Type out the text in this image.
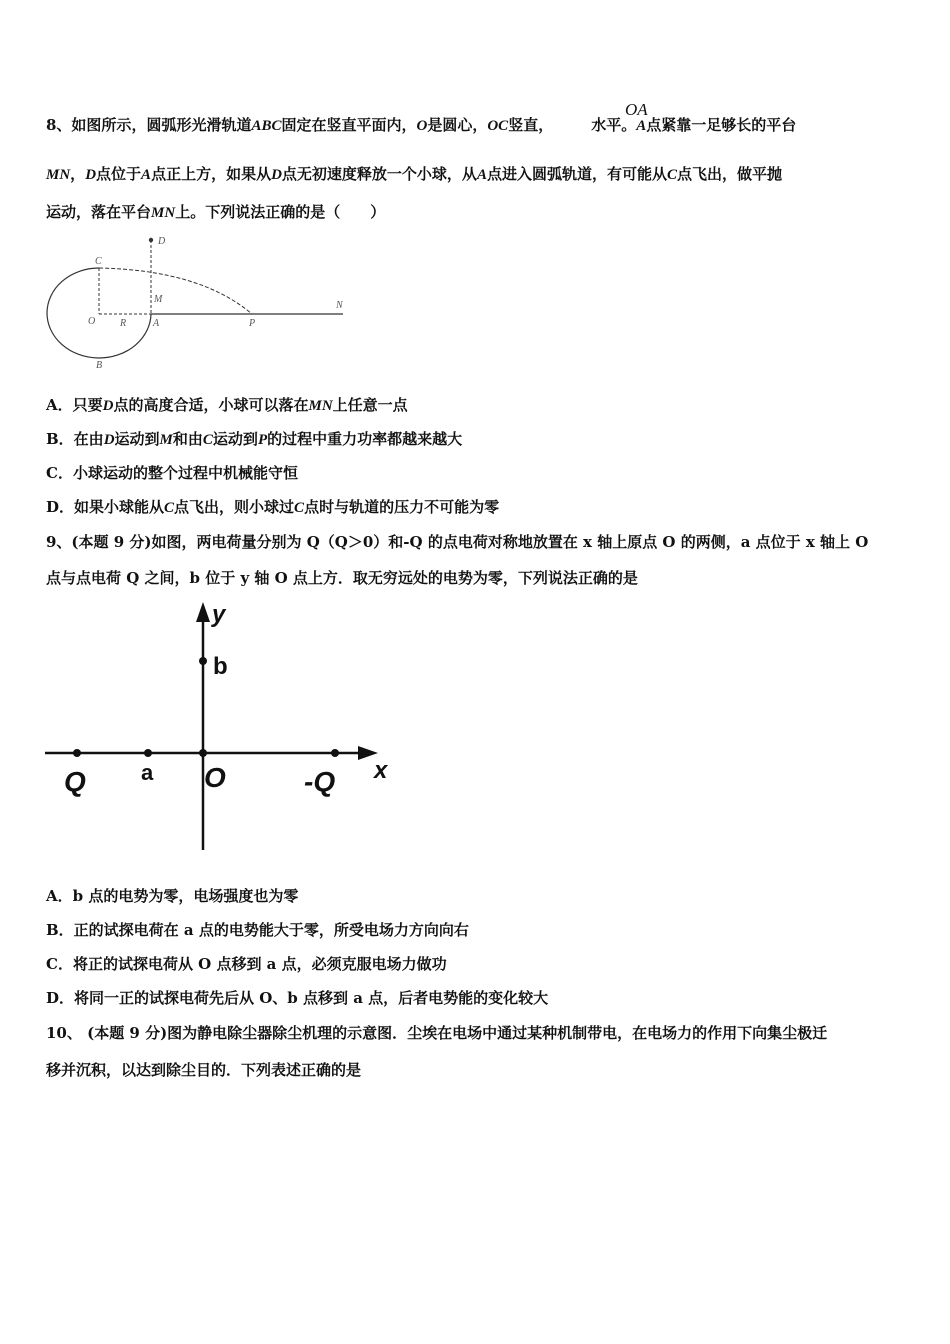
8、如图所示，圆弧形光滑轨道ABC固定在竖直平面内，O是圆心，OC竖直，	水平。A点紧靠一足够长的平台
OA
MN，D点位于A点正上方，如果从D点无初速度释放一个小球，从A点进入圆弧轨道，有可能从C点飞出，做平抛
运动，落在平台MN上。下列说法正确的是（　　）
D
C
M
N
O R	A	P
B
A．只要D点的高度合适，小球可以落在MN上任意一点
B．在由D运动到M和由C运动到P的过程中重力功率都越来越大
C．小球运动的整个过程中机械能守恒
D．如果小球能从C点飞出，则小球过C点时与轨道的压力不可能为零
9、(本题 9 分)如图，两电荷量分别为 Q（Q＞0）和-Q 的点电荷对称地放置在 x 轴上原点 O 的两侧，a 点位于 x 轴上 O
点与点电荷 Q 之间，b 位于 y 轴 O 点上方．取无穷远处的电势为零，下列说法正确的是
y
b
Q	a O	-Q x
A．b 点的电势为零，电场强度也为零
B．正的试探电荷在 a 点的电势能大于零，所受电场力方向向右
C．将正的试探电荷从 O 点移到 a 点，必须克服电场力做功
D．将同一正的试探电荷先后从 O、b 点移到 a 点，后者电势能的变化较大
10、 (本题 9 分)图为静电除尘器除尘机理的示意图．尘埃在电场中通过某种机制带电，在电场力的作用下向集尘极迁
移并沉积，以达到除尘目的．下列表述正确的是
